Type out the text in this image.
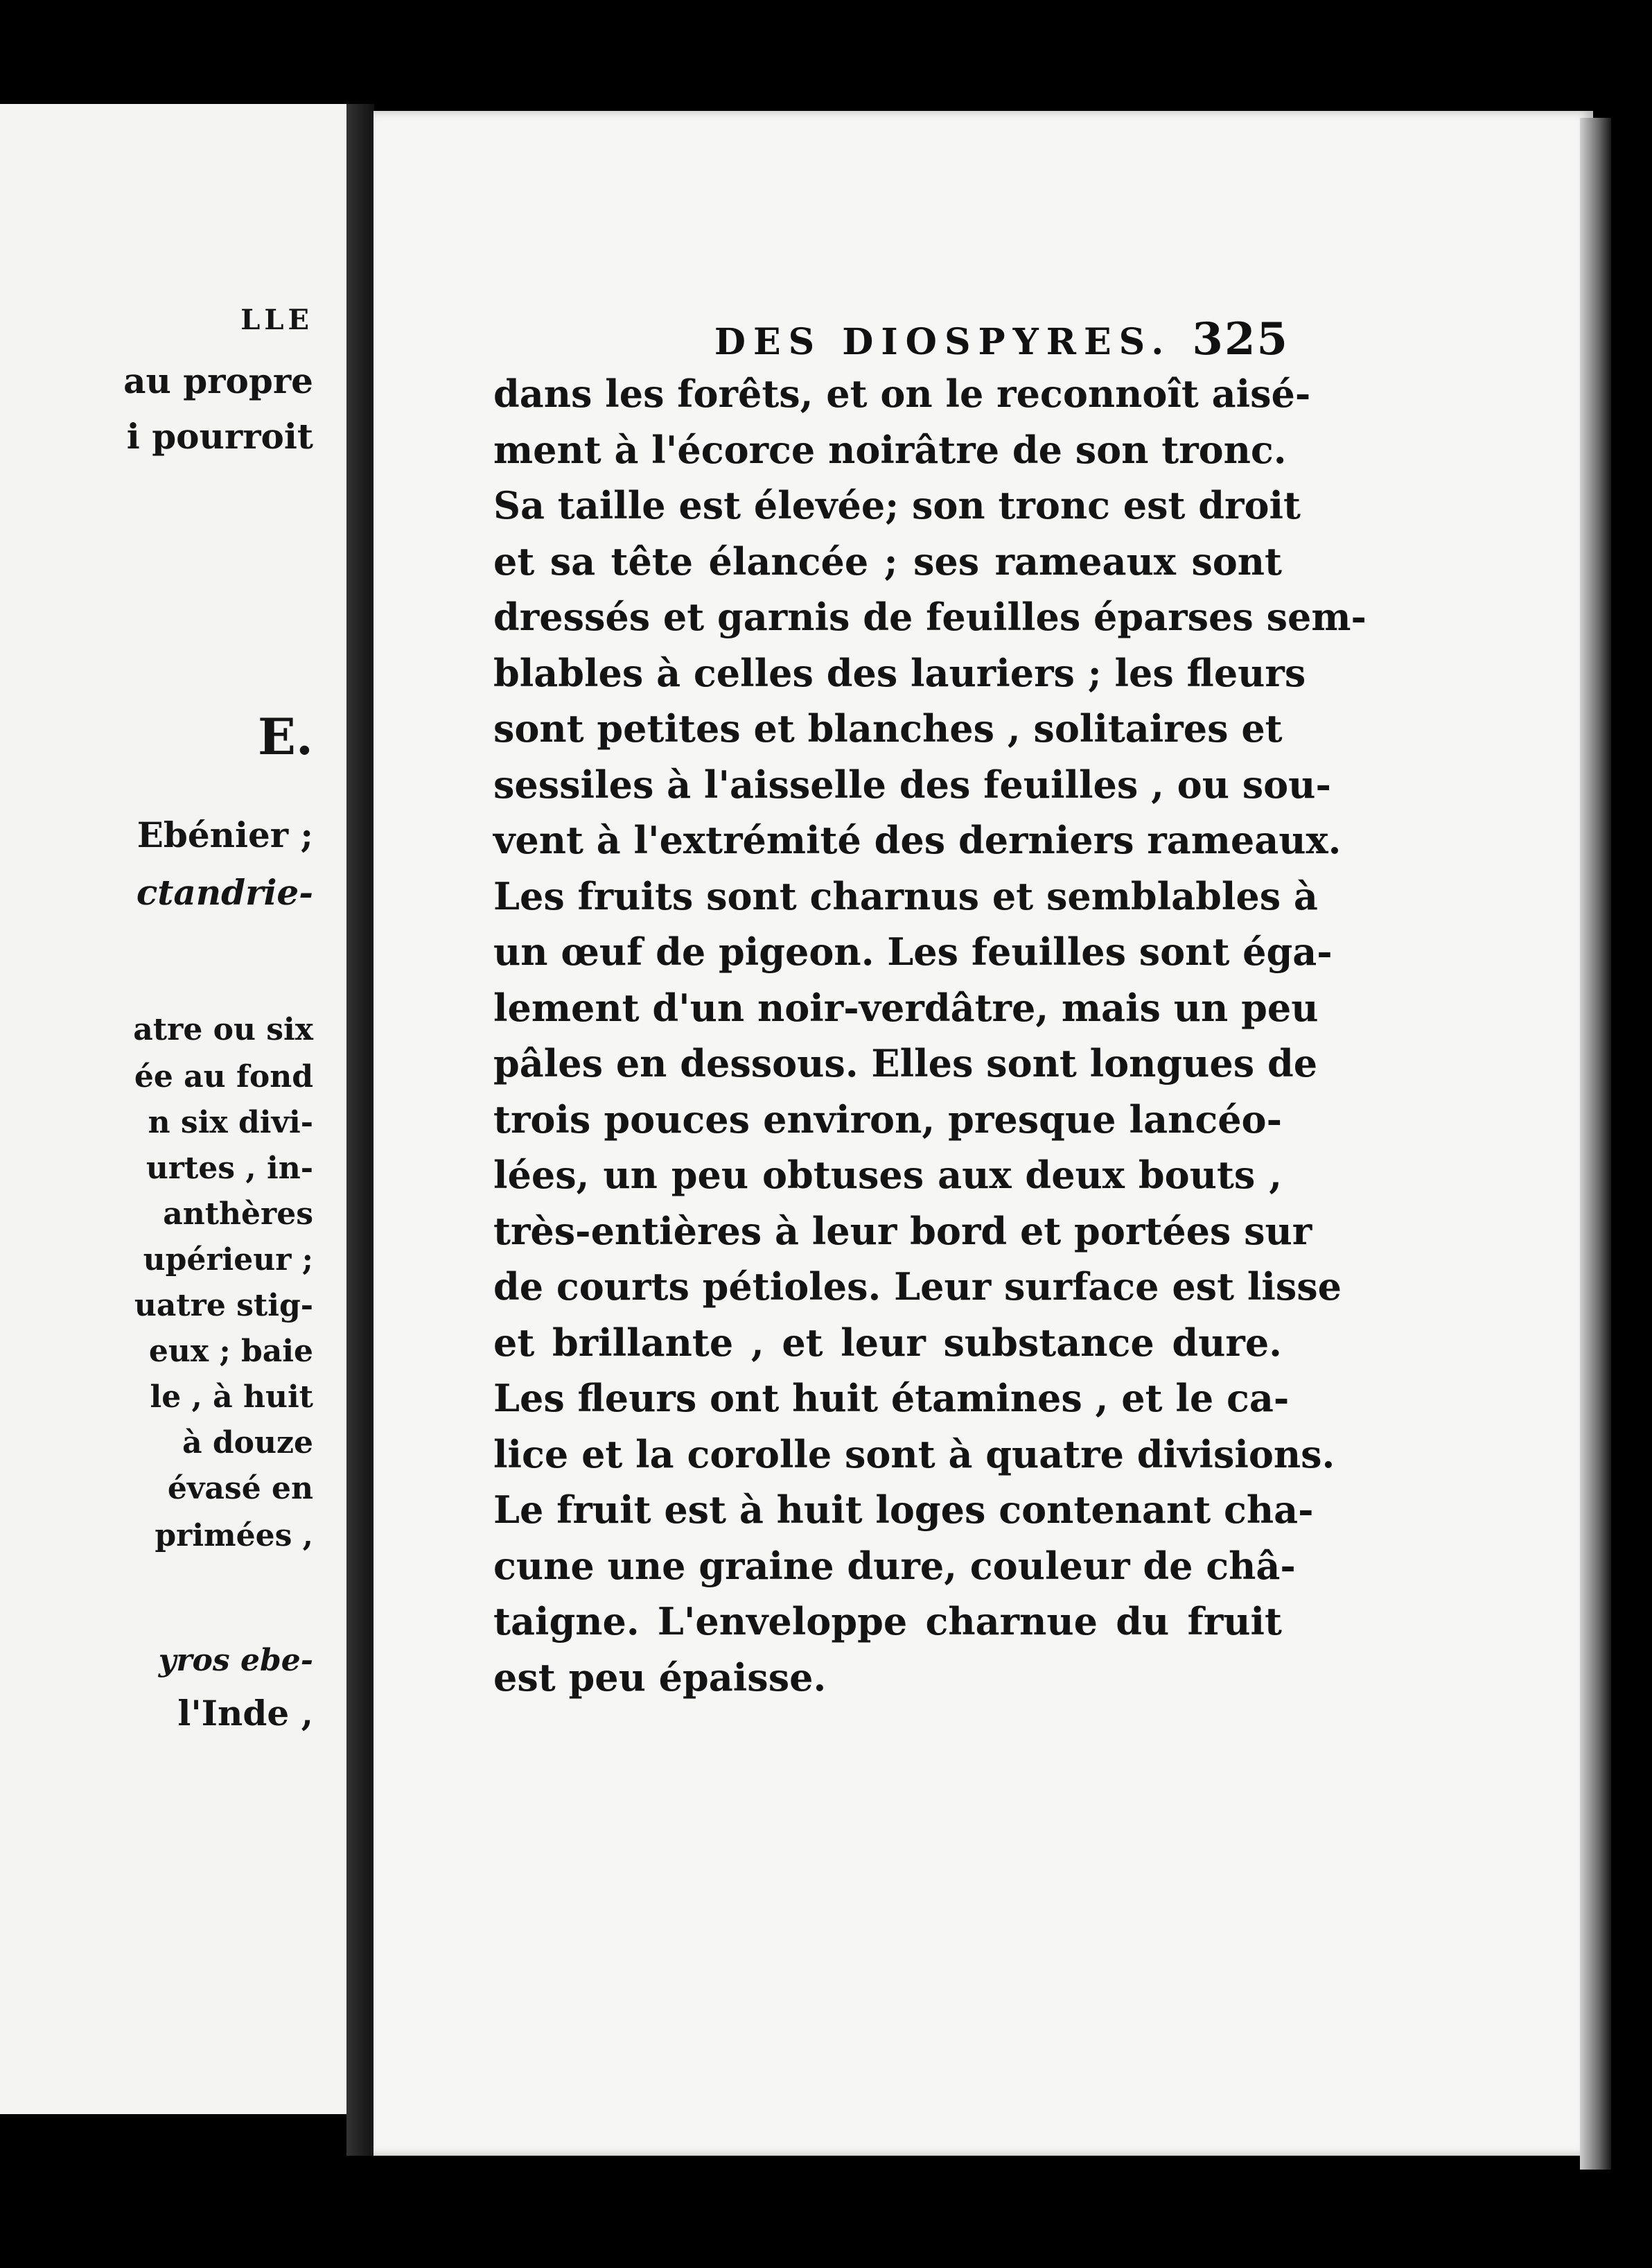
LLE
au propre
i pourroit
E.
Ebénier ;
ctandrie-
atre ou six
ée au fond
n six divi-
urtes , in-
anthères
upérieur ;
uatre stig-
eux ; baie
le , à huit
à douze
évasé en
primées ,
yros ebe-
l'Inde ,
DES DIOSPYRES. 325
dans les forêts, et on le reconnoît aisé-
ment à l'écorce noirâtre de son tronc.
Sa taille est élevée; son tronc est droit
et sa tête élancée ; ses rameaux sont
dressés et garnis de feuilles éparses sem-
blables à celles des lauriers ; les fleurs
sont petites et blanches , solitaires et
sessiles à l'aisselle des feuilles , ou sou-
vent à l'extrémité des derniers rameaux.
Les fruits sont charnus et semblables à
un œuf de pigeon. Les feuilles sont éga-
lement d'un noir-verdâtre, mais un peu
pâles en dessous. Elles sont longues de
trois pouces environ, presque lancéo-
lées, un peu obtuses aux deux bouts ,
très-entières à leur bord et portées sur
de courts pétioles. Leur surface est lisse
et brillante , et leur substance dure.
Les fleurs ont huit étamines , et le ca-
lice et la corolle sont à quatre divisions.
Le fruit est à huit loges contenant cha-
cune une graine dure, couleur de châ-
taigne. L'enveloppe charnue du fruit
est peu épaisse.
